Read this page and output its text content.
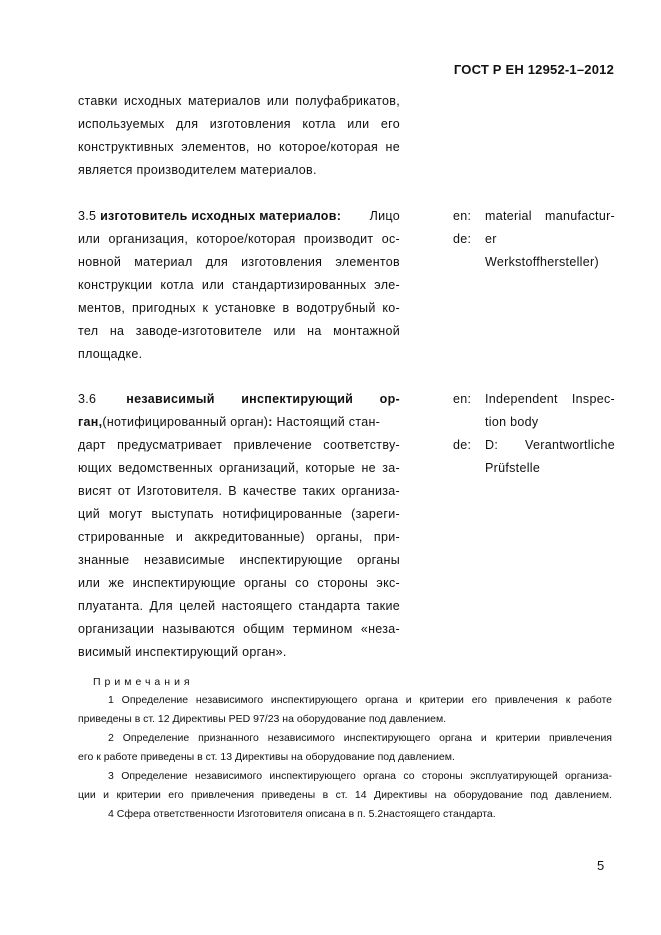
ГОСТ Р ЕН 12952-1–2012
ставки исходных материалов или полуфабрикатов,
используемых для изготовления котла или его
конструктивных элементов, но которое/которая не
является производителем материалов.
3.5 изготовитель исходных материалов: Лицо
или организация, которое/которая производит ос-
новной материал для изготовления элементов
конструкции котла или стандартизированных эле-
ментов, пригодных к установке в водотрубный ко-
тел на заводе-изготовителе или на монтажной
площадке.
en: material manufactur-
de: er
Werkstoffhersteller)
3.6 независимый инспектирующий ор-
ган,(нотифицированный орган): Настоящий стан-
дарт предусматривает привлечение соответству-
ющих ведомственных организаций, которые не за-
висят от Изготовителя. В качестве таких организа-
ций могут выступать нотифицированные (зареги-
стрированные и аккредитованные) органы, при-
знанные независимые инспектирующие органы
или же инспектирующие органы со стороны экс-
плуатанта. Для целей настоящего стандарта такие
организации называются общим термином «неза-
висимый инспектирующий орган».
en: Independent Inspec-
tion body
de: D: Verantwortliche
Prüfstelle
Примечания
1 Определение независимого инспектирующего органа и критерии его привлечения к работе
приведены в ст. 12 Директивы PED 97/23 на оборудование под давлением.
2 Определение признанного независимого инспектирующего органа и критерии привлечения
его к работе приведены в ст. 13 Директивы на оборудование под давлением.
3 Определение независимого инспектирующего органа со стороны эксплуатирующей организа-
ции и критерии его привлечения приведены в ст. 14 Директивы на оборудование под давлением.
4 Сфера ответственности Изготовителя описана в п. 5.2настоящего стандарта.
5
